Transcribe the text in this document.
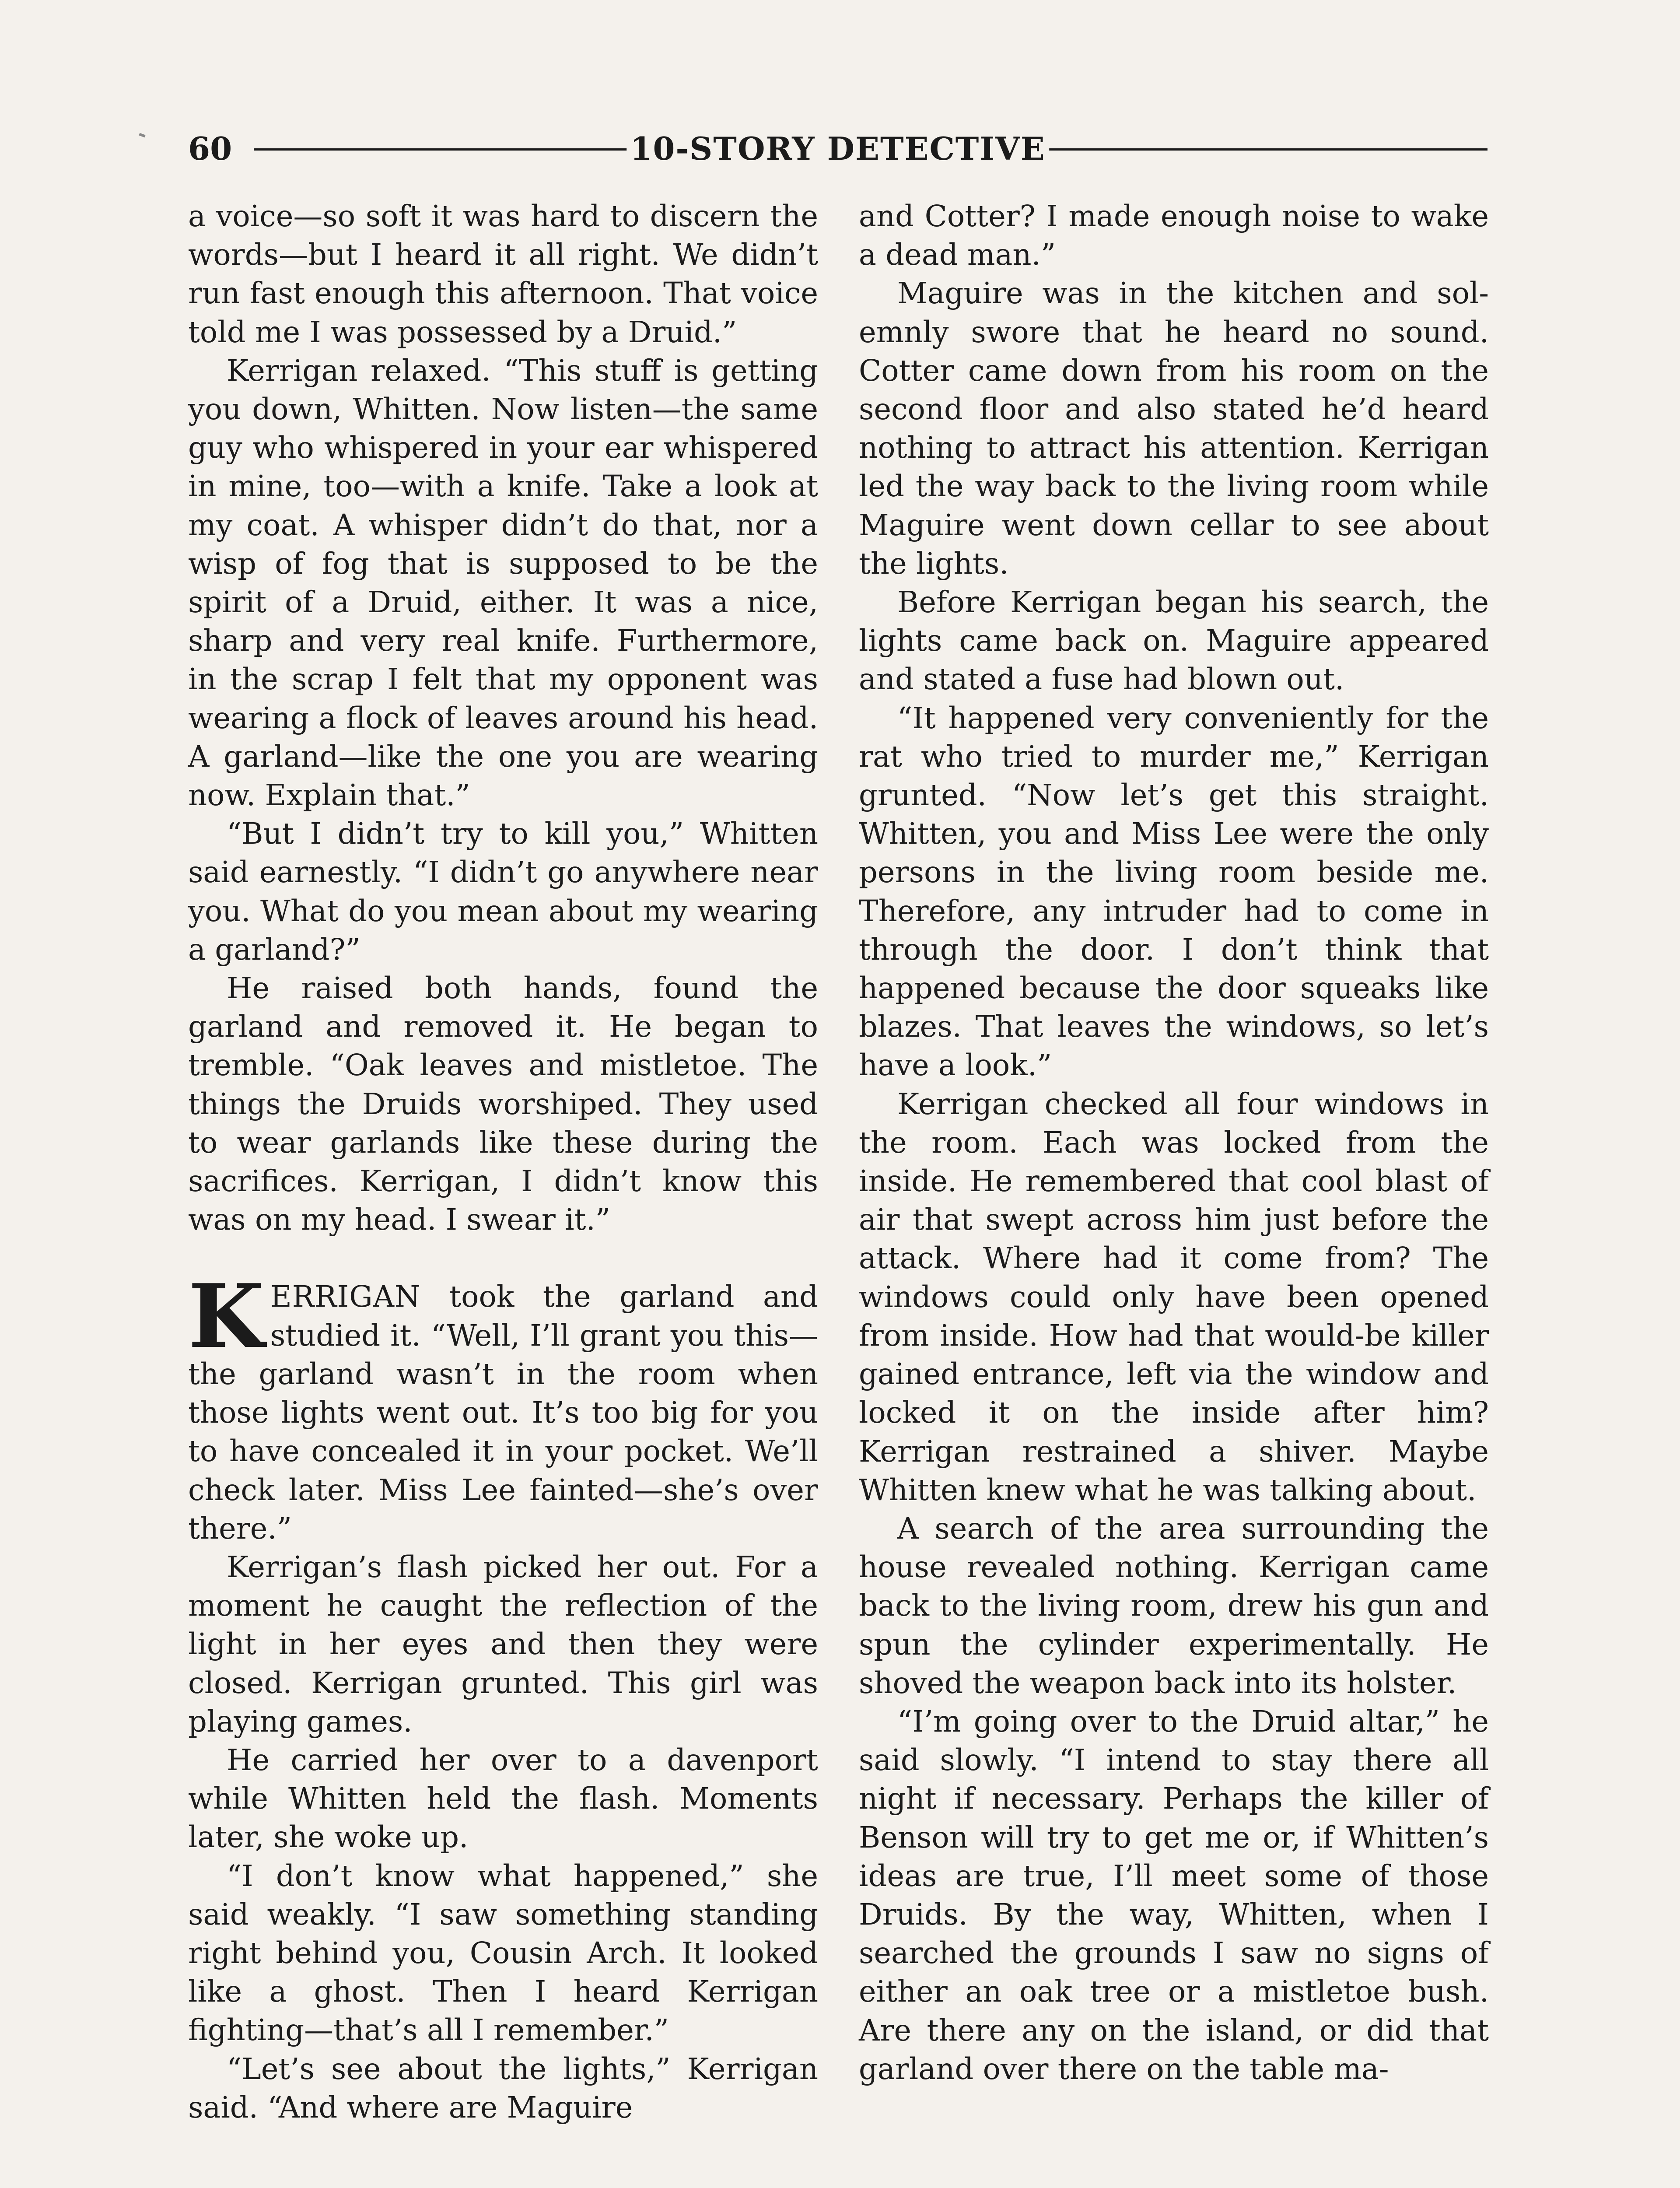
60	10-STORY DETECTIVE

a voice—so soft it was hard to discern the words—but I heard it all right. We didn’t run fast enough this afternoon. That voice told me I was possessed by a Druid.”

Kerrigan relaxed. “This stuff is getting you down, Whitten. Now listen—the same guy who whispered in your ear whispered in mine, too—with a knife. Take a look at my coat. A whisper didn’t do that, nor a wisp of fog that is supposed to be the spirit of a Druid, either. It was a nice, sharp and very real knife. Furthermore, in the scrap I felt that my opponent was wearing a flock of leaves around his head. A garland—like the one you are wearing now. Explain that.”

“But I didn’t try to kill you,” Whitten said earnestly. “I didn’t go anywhere near you. What do you mean about my wearing a garland?”

He raised both hands, found the garland and removed it. He began to tremble. “Oak leaves and mistletoe. The things the Druids worshiped. They used to wear garlands like these during the sacrifices. Kerrigan, I didn’t know this was on my head. I swear it.”

KERRIGAN took the garland and studied it. “Well, I’ll grant you this—the garland wasn’t in the room when those lights went out. It’s too big for you to have concealed it in your pocket. We’ll check later. Miss Lee fainted—she’s over there.”

Kerrigan’s flash picked her out. For a moment he caught the reflection of the light in her eyes and then they were closed. Kerrigan grunted. This girl was playing games.

He carried her over to a davenport while Whitten held the flash. Moments later, she woke up.

“I don’t know what happened,” she said weakly. “I saw something standing right behind you, Cousin Arch. It looked like a ghost. Then I heard Kerrigan fighting—that’s all I remember.”

“Let’s see about the lights,” Kerrigan said. “And where are Maguire

and Cotter? I made enough noise to wake a dead man.”

Maguire was in the kitchen and solemnly swore that he heard no sound. Cotter came down from his room on the second floor and also stated he’d heard nothing to attract his attention. Kerrigan led the way back to the living room while Maguire went down cellar to see about the lights.

Before Kerrigan began his search, the lights came back on. Maguire appeared and stated a fuse had blown out.

“It happened very conveniently for the rat who tried to murder me,” Kerrigan grunted. “Now let’s get this straight. Whitten, you and Miss Lee were the only persons in the living room beside me. Therefore, any intruder had to come in through the door. I don’t think that happened because the door squeaks like blazes. That leaves the windows, so let’s have a look.”

Kerrigan checked all four windows in the room. Each was locked from the inside. He remembered that cool blast of air that swept across him just before the attack. Where had it come from? The windows could only have been opened from inside. How had that would-be killer gained entrance, left via the window and locked it on the inside after him? Kerrigan restrained a shiver. Maybe Whitten knew what he was talking about.

A search of the area surrounding the house revealed nothing. Kerrigan came back to the living room, drew his gun and spun the cylinder experimentally. He shoved the weapon back into its holster.

“I’m going over to the Druid altar,” he said slowly. “I intend to stay there all night if necessary. Perhaps the killer of Benson will try to get me or, if Whitten’s ideas are true, I’ll meet some of those Druids. By the way, Whitten, when I searched the grounds I saw no signs of either an oak tree or a mistletoe bush. Are there any on the island, or did that garland over there on the table ma-
